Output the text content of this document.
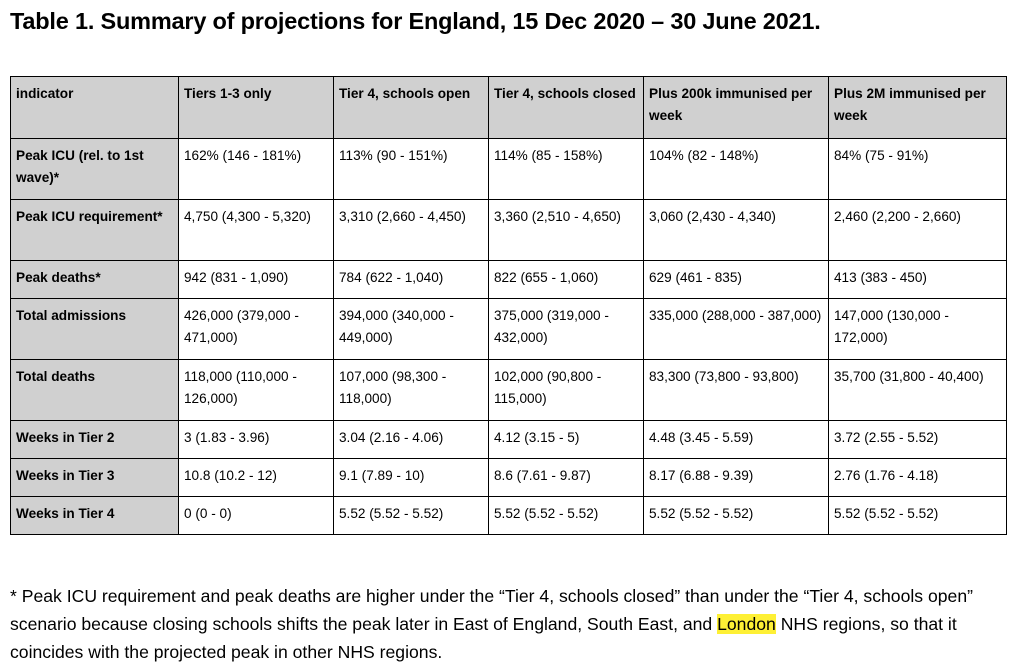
Table 1. Summary of projections for England, 15 Dec 2020 – 30 June 2021.
indicator	Tiers 1-3 only	Tier 4, schools open	Tier 4, schools closed	Plus 200k immunised per week	Plus 2M immunised per week
Peak ICU (rel. to 1st wave)*	162% (146 - 181%)	113% (90 - 151%)	114% (85 - 158%)	104% (82 - 148%)	84% (75 - 91%)
Peak ICU requirement*	4,750 (4,300 - 5,320)	3,310 (2,660 - 4,450)	3,360 (2,510 - 4,650)	3,060 (2,430 - 4,340)	2,460 (2,200 - 2,660)
Peak deaths*	942 (831 - 1,090)	784 (622 - 1,040)	822 (655 - 1,060)	629 (461 - 835)	413 (383 - 450)
Total admissions	426,000 (379,000 - 471,000)	394,000 (340,000 - 449,000)	375,000 (319,000 - 432,000)	335,000 (288,000 - 387,000)	147,000 (130,000 - 172,000)
Total deaths	118,000 (110,000 - 126,000)	107,000 (98,300 - 118,000)	102,000 (90,800 - 115,000)	83,300 (73,800 - 93,800)	35,700 (31,800 - 40,400)
Weeks in Tier 2	3 (1.83 - 3.96)	3.04 (2.16 - 4.06)	4.12 (3.15 - 5)	4.48 (3.45 - 5.59)	3.72 (2.55 - 5.52)
Weeks in Tier 3	10.8 (10.2 - 12)	9.1 (7.89 - 10)	8.6 (7.61 - 9.87)	8.17 (6.88 - 9.39)	2.76 (1.76 - 4.18)
Weeks in Tier 4	0 (0 - 0)	5.52 (5.52 - 5.52)	5.52 (5.52 - 5.52)	5.52 (5.52 - 5.52)	5.52 (5.52 - 5.52)

* Peak ICU requirement and peak deaths are higher under the “Tier 4, schools closed” than under the “Tier 4, schools open” scenario because closing schools shifts the peak later in East of England, South East, and London NHS regions, so that it coincides with the projected peak in other NHS regions.
